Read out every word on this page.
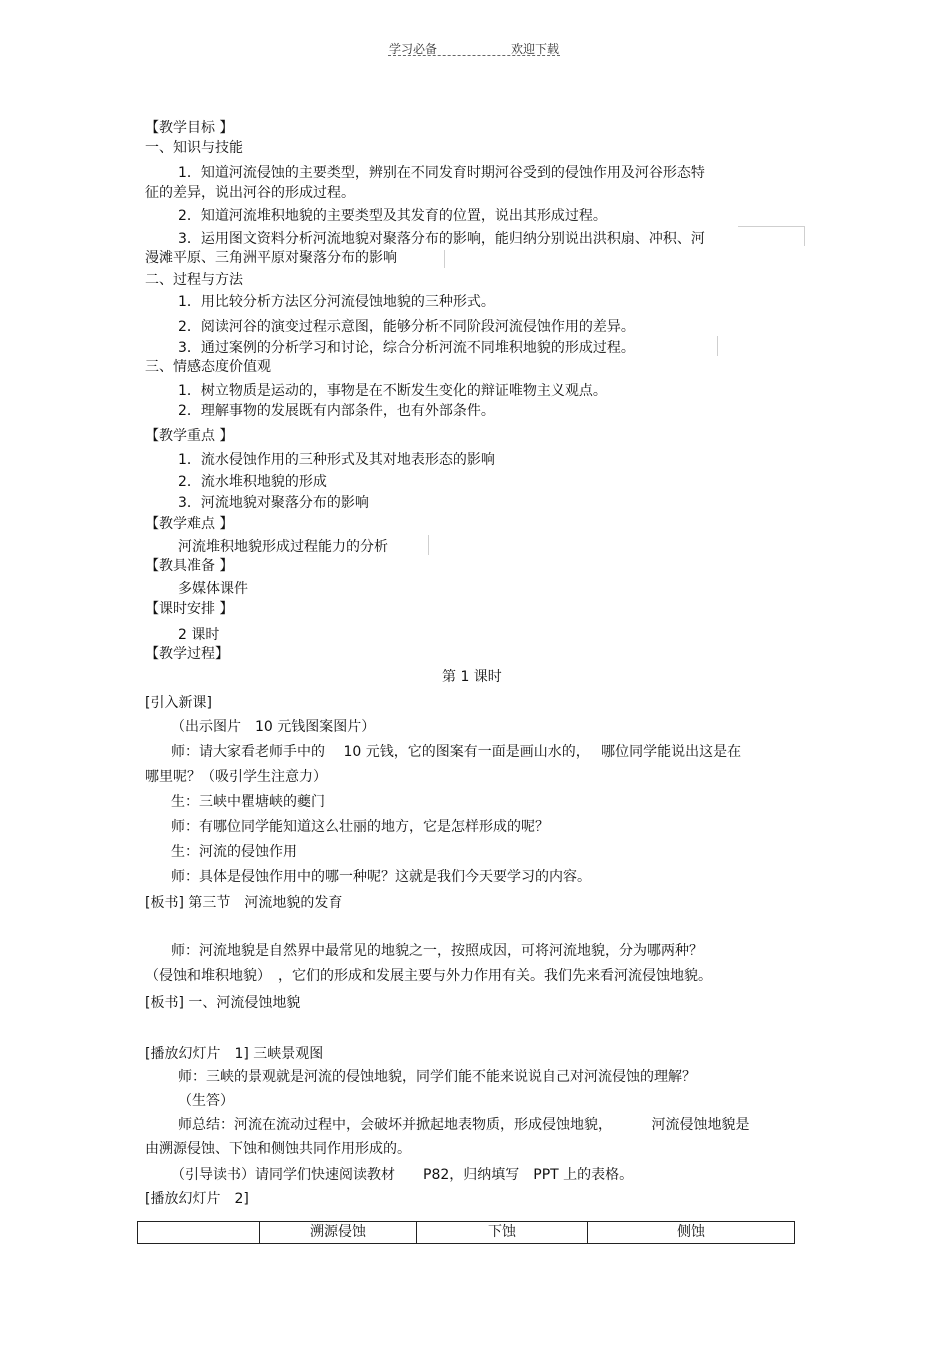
学习必备	欢迎下载
【教学目标 】
一、知识与技能
1．知道河流侵蚀的主要类型，辨别在不同发育时期河谷受到的侵蚀作用及河谷形态特
征的差异，说出河谷的形成过程。
2．知道河流堆积地貌的主要类型及其发育的位置，说出其形成过程。
3．运用图文资料分析河流地貌对聚落分布的影响，能归纳分别说出洪积扇、冲积、河
漫滩平原、三角洲平原对聚落分布的影响
二、过程与方法
1．用比较分析方法区分河流侵蚀地貌的三种形式。
2．阅读河谷的演变过程示意图，能够分析不同阶段河流侵蚀作用的差异。
3．通过案例的分析学习和讨论，综合分析河流不同堆积地貌的形成过程。
三、情感态度价值观
1．树立物质是运动的，事物是在不断发生变化的辩证唯物主义观点。
2．理解事物的发展既有内部条件，也有外部条件。
【教学重点 】
1．流水侵蚀作用的三种形式及其对地表形态的影响
2．流水堆积地貌的形成
3．河流地貌对聚落分布的影响
【教学难点 】
河流堆积地貌形成过程能力的分析
【教具准备 】
多媒体课件
【课时安排 】
2 课时
【教学过程】
第 1 课时
[引入新课]
（出示图片　10 元钱图案图片）
师：请大家看老师手中的　 10 元钱，它的图案有一面是画山水的，　 哪位同学能说出这是在
哪里呢？（吸引学生注意力）
生：三峡中瞿塘峡的夔门
师：有哪位同学能知道这么壮丽的地方，它是怎样形成的呢？
生：河流的侵蚀作用
师：具体是侵蚀作用中的哪一种呢？这就是我们今天要学习的内容。
[板书] 第三节　河流地貌的发育
师：河流地貌是自然界中最常见的地貌之一，按照成因，可将河流地貌，分为哪两种？
（侵蚀和堆积地貌）　，它们的形成和发展主要与外力作用有关。我们先来看河流侵蚀地貌。
[板书] 一、河流侵蚀地貌
[播放幻灯片　1] 三峡景观图
师：三峡的景观就是河流的侵蚀地貌，同学们能不能来说说自己对河流侵蚀的理解？
（生答）
师总结：河流在流动过程中，会破坏并掀起地表物质，形成侵蚀地貌，　　　 河流侵蚀地貌是
由溯源侵蚀、下蚀和侧蚀共同作用形成的。
（引导读书）请同学们快速阅读教材　　P82，归纳填写　PPT 上的表格。
[播放幻灯片　2]
	溯源侵蚀	下蚀	侧蚀
